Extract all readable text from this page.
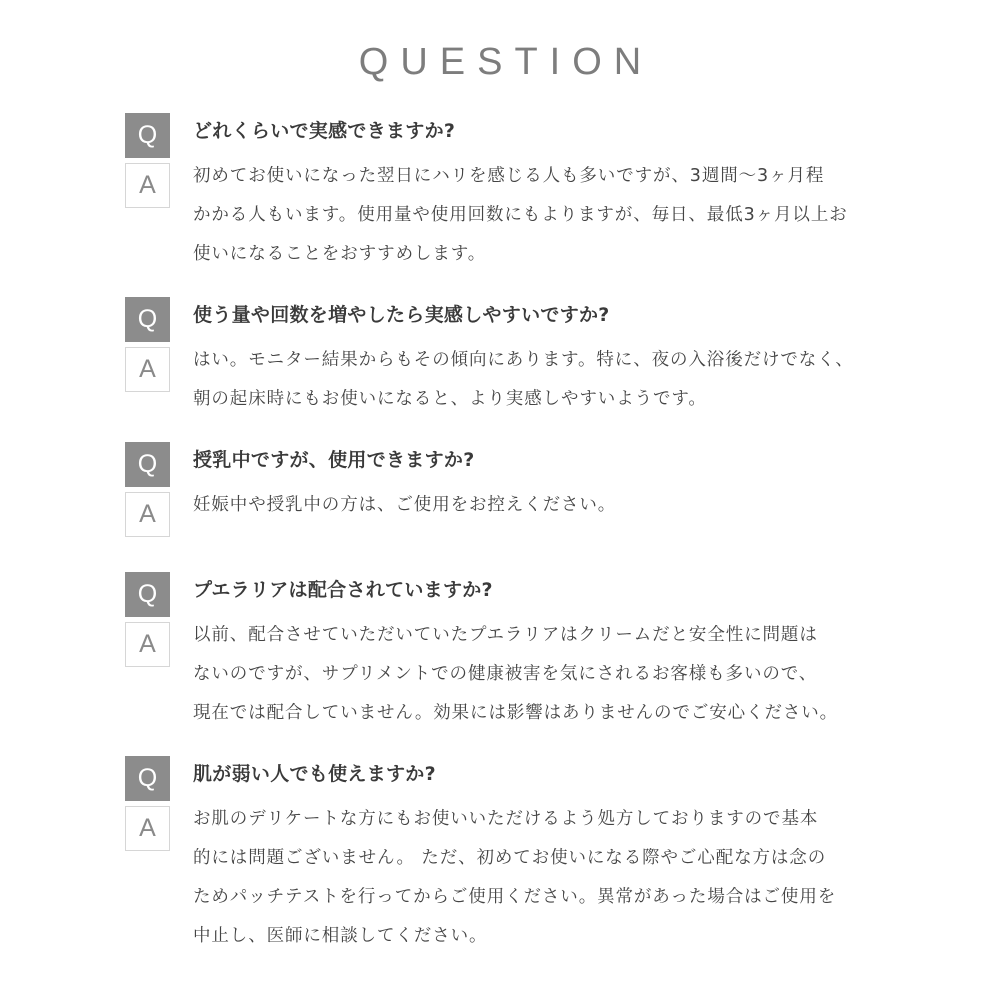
QUESTION
Q
A
どれくらいで実感できますか?
初めてお使いになった翌日にハリを感じる人も多いですが、3週間〜3ヶ月程
かかる人もいます。使用量や使用回数にもよりますが、毎日、最低3ヶ月以上お
使いになることをおすすめします。
Q
A
使う量や回数を増やしたら実感しやすいですか?
はい。モニター結果からもその傾向にあります。特に、夜の入浴後だけでなく、
朝の起床時にもお使いになると、より実感しやすいようです。
Q
A
授乳中ですが、使用できますか?
妊娠中や授乳中の方は、ご使用をお控えください。
Q
A
プエラリアは配合されていますか?
以前、配合させていただいていたプエラリアはクリームだと安全性に問題は
ないのですが、サプリメントでの健康被害を気にされるお客様も多いので、
現在では配合していません。効果には影響はありませんのでご安心ください。
Q
A
肌が弱い人でも使えますか?
お肌のデリケートな方にもお使いいただけるよう処方しておりますので基本
的には問題ございません。 ただ、初めてお使いになる際やご心配な方は念の
ためパッチテストを行ってからご使用ください。異常があった場合はご使用を
中止し、医師に相談してください。
